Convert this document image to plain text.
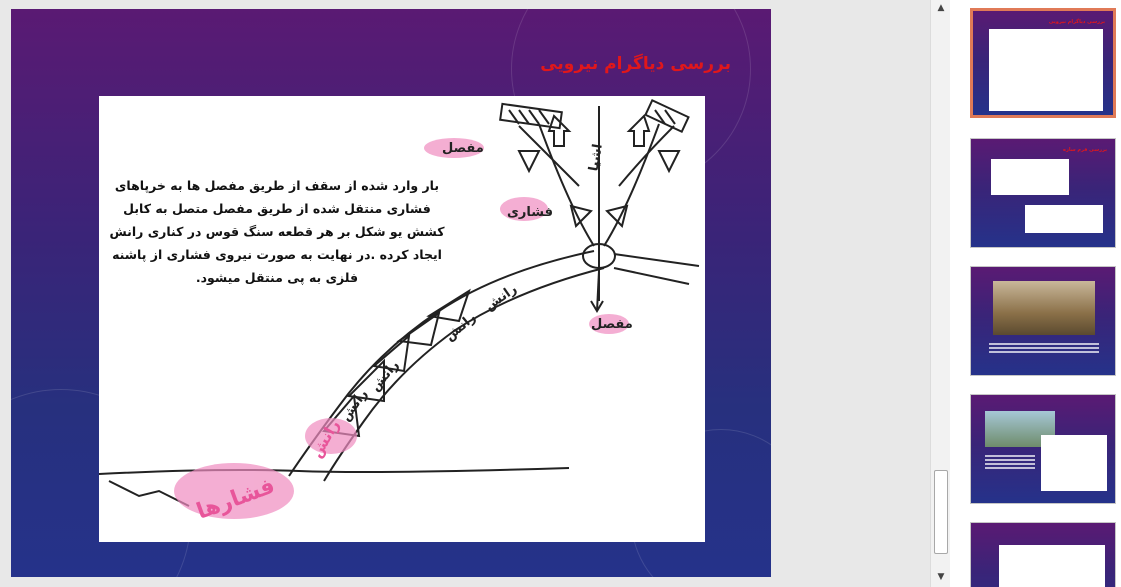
بررسی دیاگرام نیرویی
مفصل	اشیا
فشاری
مفصل
رانش
رانش
رانش
رانش
رانش
فشارها
بار وارد شده از سقف از طریق مفصل ها به خرپاهای فشاری منتقل شده از طریق مفصل متصل به کابل کشش یو شکل بر هر قطعه سنگ قوس در کناری رانش ایجاد کرده .در نهایت به صورت نیروی فشاری از پاشنه فلزی به پی منتقل میشود.
▲
▼
بررسی دیاگرام نیرویی
بررسی فرم سازه
